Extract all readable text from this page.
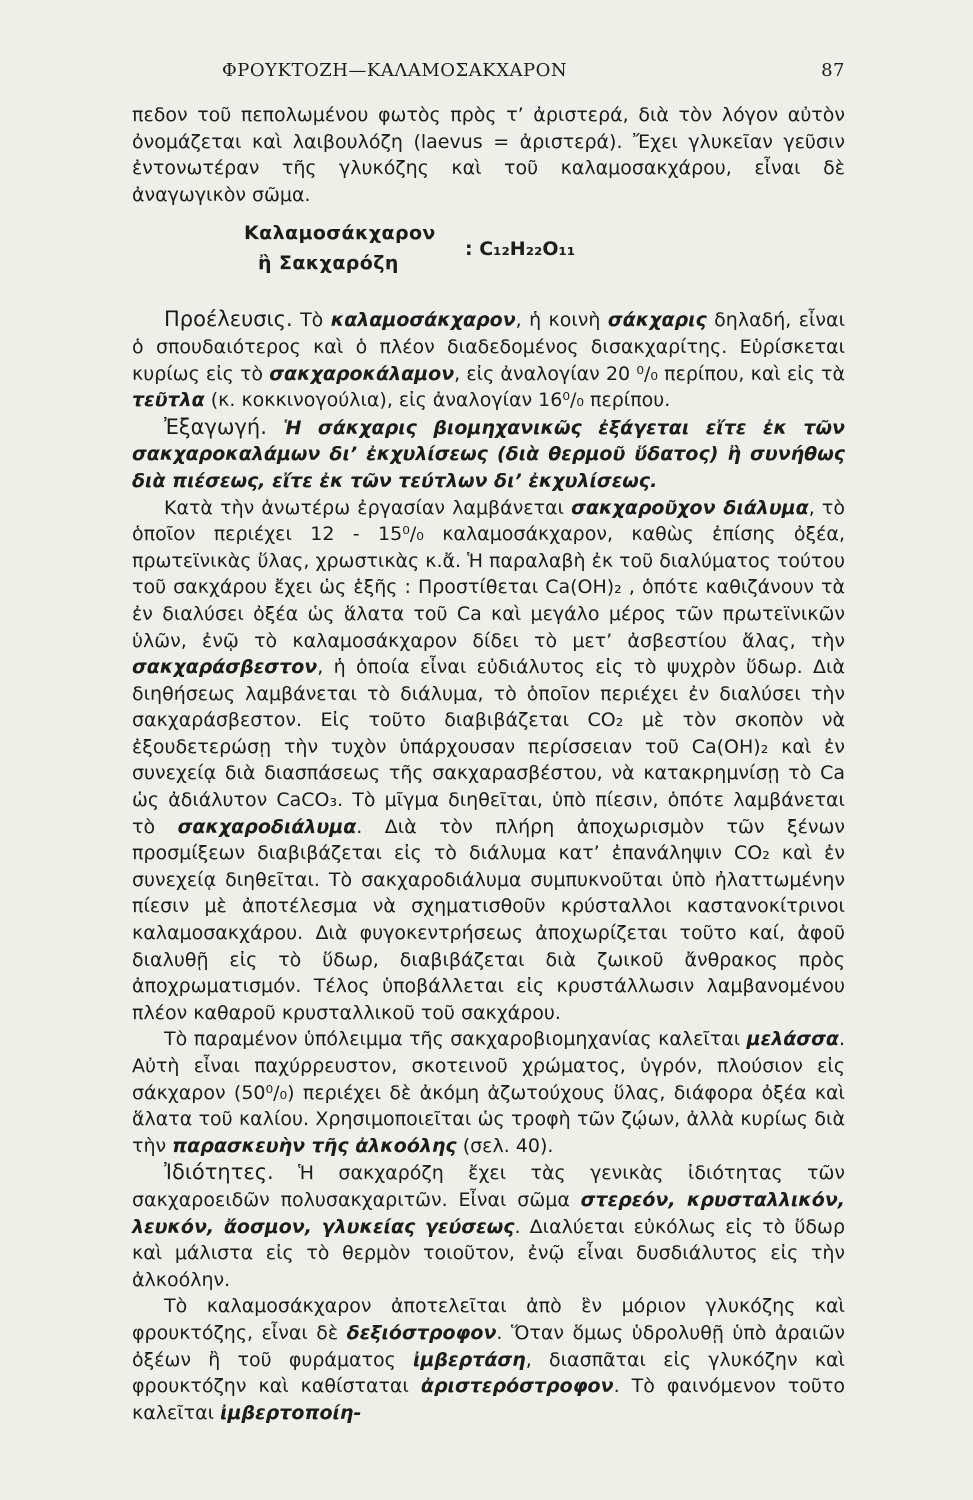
ΦΡΟΥΚΤΟΖΗ—ΚΑΛΑΜΟΣΑΚΧΑΡΟΝ	87

πεδον τοῦ πεπολωμένου φωτὸς πρὸς τ’ ἀριστερά, διὰ τὸν λόγον αὐτὸν ὀνομάζεται καὶ λαιβουλόζη (laevus = ἀριστερά). Ἔχει γλυκεῖαν γεῦσιν ἐντονωτέραν τῆς γλυκόζης καὶ τοῦ καλαμοσακχάρου, εἶναι δὲ ἀναγωγικὸν σῶμα.

Καλαμοσάκχαρον
ἢ Σακχαρόζη
: C₁₂H₂₂O₁₁

Προέλευσις. Τὸ καλαμοσάκχαρον, ἡ κοινὴ σάκχαρις δηλαδή, εἶναι ὁ σπουδαιότερος καὶ ὁ πλέον διαδεδομένος δισακχαρίτης. Εὑρίσκεται κυρίως εἰς τὸ σακχαροκάλαμον, εἰς ἀναλογίαν 20 ⁰/₀ περίπου, καὶ εἰς τὰ τεῦτλα (κ. κοκκινογούλια), εἰς ἀναλογίαν 16⁰/₀ περίπου.

Ἐξαγωγή. Ἡ σάκχαρις βιομηχανικῶς ἐξάγεται εἴτε ἐκ τῶν σακχαροκαλάμων δι’ ἐκχυλίσεως (διὰ θερμοῦ ὕδατος) ἢ συνήθως διὰ πιέσεως, εἴτε ἐκ τῶν τεύτλων δι’ ἐκχυλίσεως.

Κατὰ τὴν ἀνωτέρω ἐργασίαν λαμβάνεται σακχαροῦχον διάλυμα, τὸ ὁποῖον περιέχει 12 - 15⁰/₀ καλαμοσάκχαρον, καθὼς ἐπίσης ὀξέα, πρωτεϊνικὰς ὕλας, χρωστικὰς κ.ἄ. Ἡ παραλαβὴ ἐκ τοῦ διαλύματος τούτου τοῦ σακχάρου ἔχει ὡς ἑξῆς : Προστίθεται Ca(OH)₂ , ὁπότε καθιζάνουν τὰ ἐν διαλύσει ὀξέα ὡς ἅλατα τοῦ Ca καὶ μεγάλο μέρος τῶν πρωτεϊνικῶν ὑλῶν, ἐνῷ τὸ καλαμοσάκχαρον δίδει τὸ μετ’ ἀσβεστίου ἅλας, τὴν σακχαράσβεστον, ἡ ὁποία εἶναι εὐδιάλυτος εἰς τὸ ψυχρὸν ὕδωρ. Διὰ διηθήσεως λαμβάνεται τὸ διάλυμα, τὸ ὁποῖον περιέχει ἐν διαλύσει τὴν σακχαράσβεστον. Εἰς τοῦτο διαβιβάζεται CO₂ μὲ τὸν σκοπὸν νὰ ἐξουδετερώσῃ τὴν τυχὸν ὑπάρχουσαν περίσσειαν τοῦ Ca(OH)₂ καὶ ἐν συνεχείᾳ διὰ διασπάσεως τῆς σακχαρασβέστου, νὰ κατακρημνίσῃ τὸ Ca ὡς ἀδιάλυτον CaCO₃. Τὸ μῖγμα διηθεῖται, ὑπὸ πίεσιν, ὁπότε λαμβάνεται τὸ σακχαροδιάλυμα. Διὰ τὸν πλήρη ἀποχωρισμὸν τῶν ξένων προσμίξεων διαβιβάζεται εἰς τὸ διάλυμα κατ’ ἐπανάληψιν CO₂ καὶ ἐν συνεχείᾳ διηθεῖται. Τὸ σακχαροδιάλυμα συμπυκνοῦται ὑπὸ ἠλαττωμένην πίεσιν μὲ ἀποτέλεσμα νὰ σχηματισθοῦν κρύσταλλοι καστανοκίτρινοι καλαμοσακχάρου. Διὰ φυγοκεντρήσεως ἀποχωρίζεται τοῦτο καί, ἀφοῦ διαλυθῇ εἰς τὸ ὕδωρ, διαβιβάζεται διὰ ζωικοῦ ἄνθρακος πρὸς ἀποχρωματισμόν. Τέλος ὑποβάλλεται εἰς κρυστάλλωσιν λαμβανομένου πλέον καθαροῦ κρυσταλλικοῦ τοῦ σακχάρου.

Τὸ παραμένον ὑπόλειμμα τῆς σακχαροβιομηχανίας καλεῖται μελάσσα. Αὐτὴ εἶναι παχύρρευστον, σκοτεινοῦ χρώματος, ὑγρόν, πλούσιον εἰς σάκχαρον (50⁰/₀) περιέχει δὲ ἀκόμη ἀζωτούχους ὕλας, διάφορα ὀξέα καὶ ἅλατα τοῦ καλίου. Χρησιμοποιεῖται ὡς τροφὴ τῶν ζῴων, ἀλλὰ κυρίως διὰ τὴν παρασκευὴν τῆς ἀλκοόλης (σελ. 40).

Ἰδιότητες. Ἡ σακχαρόζη ἔχει τὰς γενικὰς ἰδιότητας τῶν σακχαροειδῶν πολυσακχαριτῶν. Εἶναι σῶμα στερεόν, κρυσταλλικόν, λευκόν, ἄοσμον, γλυκείας γεύσεως. Διαλύεται εὐκόλως εἰς τὸ ὕδωρ καὶ μάλιστα εἰς τὸ θερμὸν τοιοῦτον, ἐνῷ εἶναι δυσδιάλυτος εἰς τὴν ἀλκοόλην.

Τὸ καλαμοσάκχαρον ἀποτελεῖται ἀπὸ ἓν μόριον γλυκόζης καὶ φρουκτόζης, εἶναι δὲ δεξιόστροφον. Ὅταν ὅμως ὑδρολυθῇ ὑπὸ ἀραιῶν ὀξέων ἢ τοῦ φυράματος ἰμβερτάση, διασπᾶται εἰς γλυκόζην καὶ φρουκτόζην καὶ καθίσταται ἀριστερόστροφον. Τὸ φαινόμενον τοῦτο καλεῖται ἰμβερτοποίη-
